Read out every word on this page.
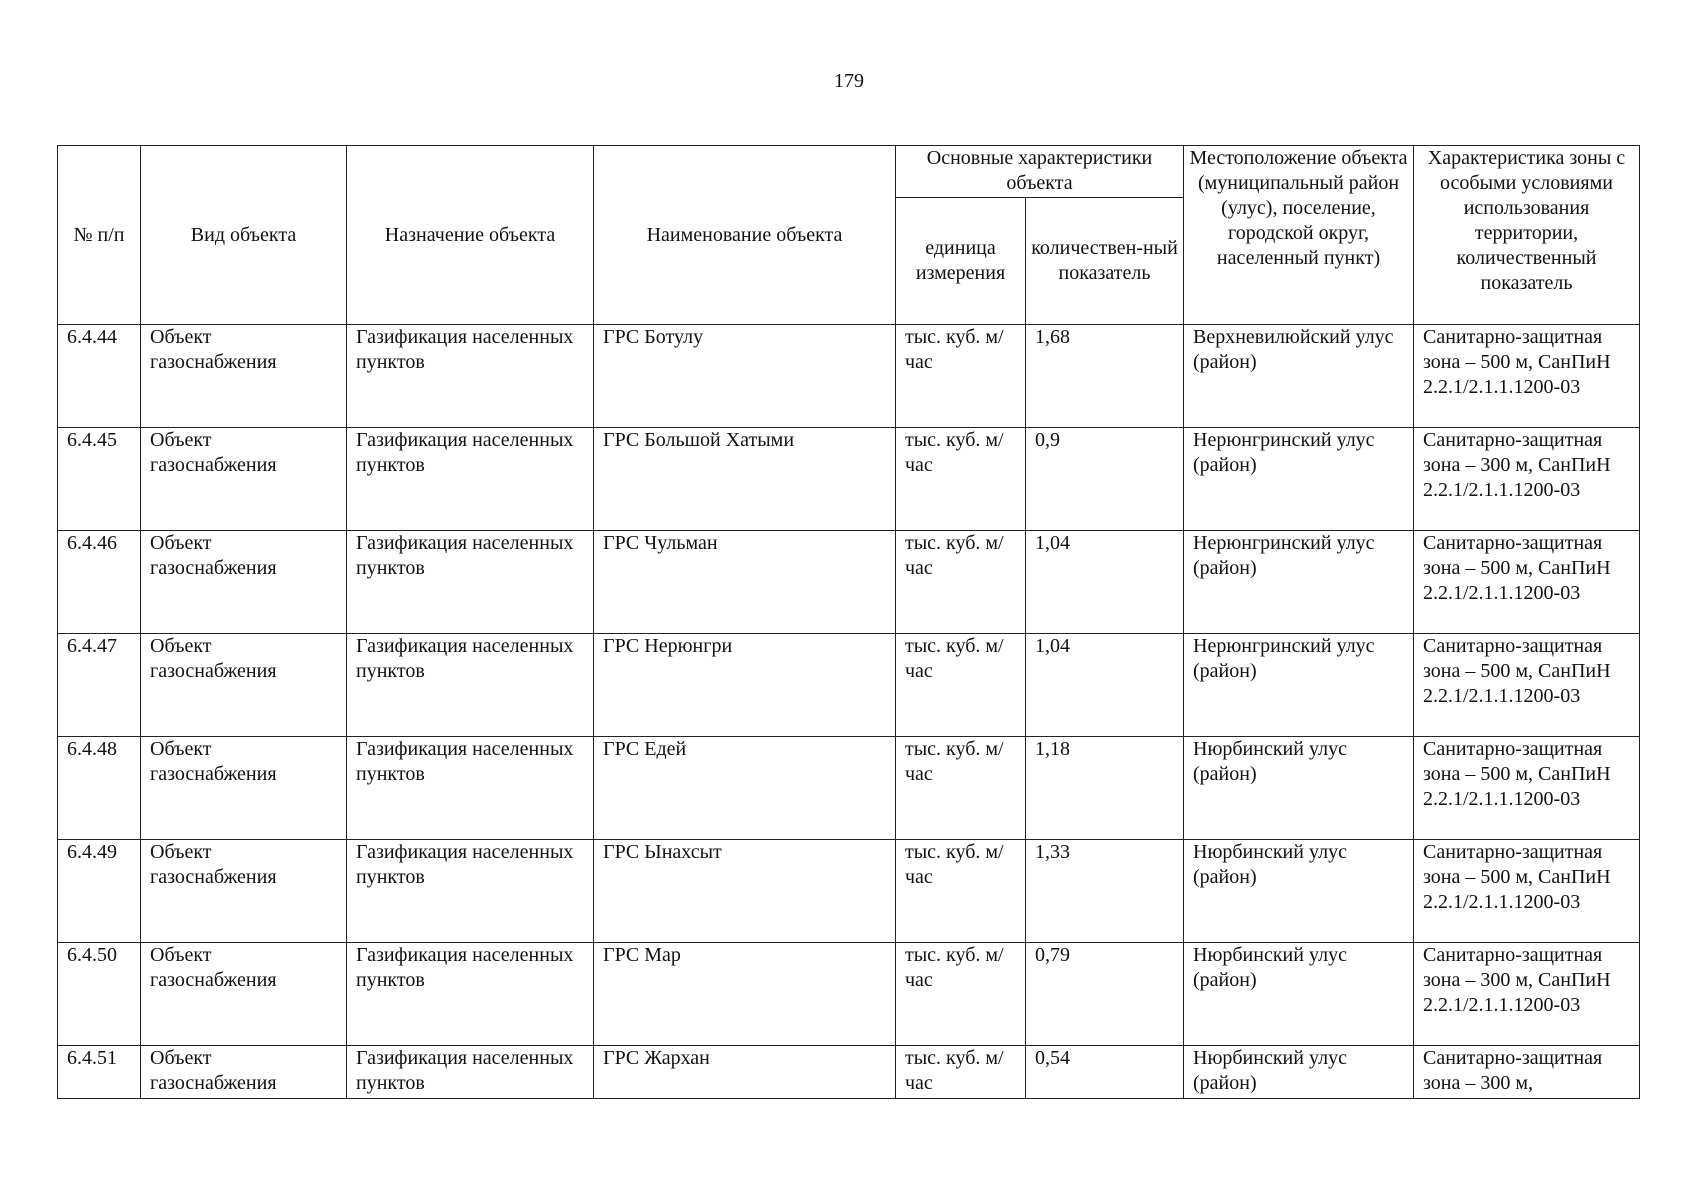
179
№ п/п	Вид объекта	Назначение объекта	Наименование объекта	Основные характеристики объекта		Местоположение объекта (муниципальный район (улус), поселение, городской округ, населенный пункт)	Характеристика зоны с особыми условиями использования территории, количественный показатель
				единица измерения	количествен-ный показатель		
6.4.44	Объект газоснабжения	Газификация населенных пунктов	ГРС Ботулу	тыс. куб. м/час	1,68	Верхневилюйский улус (район)	Санитарно-защитная зона – 500 м, СанПиН 2.2.1/2.1.1.1200-03
6.4.45	Объект газоснабжения	Газификация населенных пунктов	ГРС Большой Хатыми	тыс. куб. м/час	0,9	Нерюнгринский улус (район)	Санитарно-защитная зона – 300 м, СанПиН 2.2.1/2.1.1.1200-03
6.4.46	Объект газоснабжения	Газификация населенных пунктов	ГРС Чульман	тыс. куб. м/час	1,04	Нерюнгринский улус (район)	Санитарно-защитная зона – 500 м, СанПиН 2.2.1/2.1.1.1200-03
6.4.47	Объект газоснабжения	Газификация населенных пунктов	ГРС Нерюнгри	тыс. куб. м/час	1,04	Нерюнгринский улус (район)	Санитарно-защитная зона – 500 м, СанПиН 2.2.1/2.1.1.1200-03
6.4.48	Объект газоснабжения	Газификация населенных пунктов	ГРС Едей	тыс. куб. м/час	1,18	Нюрбинский улус (район)	Санитарно-защитная зона – 500 м, СанПиН 2.2.1/2.1.1.1200-03
6.4.49	Объект газоснабжения	Газификация населенных пунктов	ГРС Ынахсыт	тыс. куб. м/час	1,33	Нюрбинский улус (район)	Санитарно-защитная зона – 500 м, СанПиН 2.2.1/2.1.1.1200-03
6.4.50	Объект газоснабжения	Газификация населенных пунктов	ГРС Мар	тыс. куб. м/час	0,79	Нюрбинский улус (район)	Санитарно-защитная зона – 300 м, СанПиН 2.2.1/2.1.1.1200-03

6.4.51	Объект газоснабжения	Газификация населенных пунктов	ГРС Жархан	тыс. куб. м/час	0,54	Нюрбинский улус (район)	Санитарно-защитная зона – 300 м,
